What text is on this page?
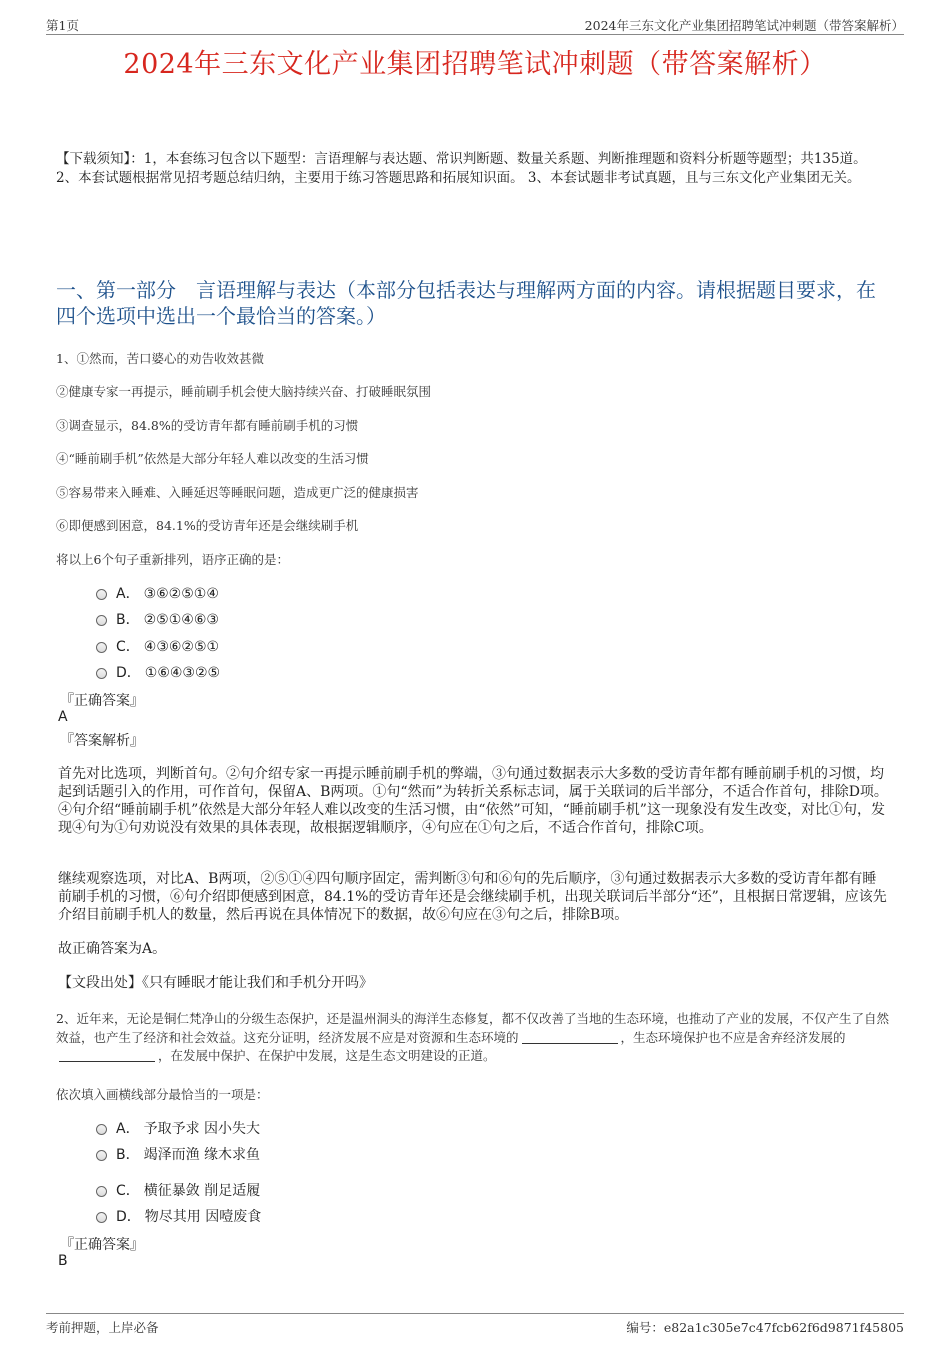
第1页	2024年三东文化产业集团招聘笔试冲刺题（带答案解析）
2024年三东文化产业集团招聘笔试冲刺题（带答案解析）
【下载须知】：1，本套练习包含以下题型：言语理解与表达题、常识判断题、数量关系题、判断推理题和资料分析题等题型；共135道。 2、本套试题根据常见招考题总结归纳，主要用于练习答题思路和拓展知识面。 3、本套试题非考试真题，且与三东文化产业集团无关。
一、第一部分　言语理解与表达（本部分包括表达与理解两方面的内容。请根据题目要求，在四个选项中选出一个最恰当的答案。）
1、①然而，苦口婆心的劝告收效甚微
②健康专家一再提示，睡前刷手机会使大脑持续兴奋、打破睡眠氛围
③调查显示，84.8%的受访青年都有睡前刷手机的习惯
④“睡前刷手机”依然是大部分年轻人难以改变的生活习惯
⑤容易带来入睡难、入睡延迟等睡眠问题，造成更广泛的健康损害
⑥即便感到困意，84.1%的受访青年还是会继续刷手机
将以上6个句子重新排列，语序正确的是：
A． ③⑥②⑤①④
B． ②⑤①④⑥③
C． ④③⑥②⑤①
D． ①⑥④③②⑤
『正确答案』
A
『答案解析』
首先对比选项，判断首句。②句介绍专家一再提示睡前刷手机的弊端，③句通过数据表示大多数的受访青年都有睡前刷手机的习惯，均起到话题引入的作用，可作首句，保留A、B两项。①句“然而”为转折关系标志词，属于关联词的后半部分，不适合作首句，排除D项。④句介绍“睡前刷手机”依然是大部分年轻人难以改变的生活习惯，由“依然”可知，“睡前刷手机”这一现象没有发生改变，对比①句，发现④句为①句劝说没有效果的具体表现，故根据逻辑顺序，④句应在①句之后，不适合作首句，排除C项。
继续观察选项，对比A、B两项，②⑤①④四句顺序固定，需判断③句和⑥句的先后顺序，③句通过数据表示大多数的受访青年都有睡前刷手机的习惯，⑥句介绍即便感到困意，84.1%的受访青年还是会继续刷手机，出现关联词后半部分“还”，且根据日常逻辑，应该先介绍目前刷手机人的数量，然后再说在具体情况下的数据，故⑥句应在③句之后，排除B项。
故正确答案为A。
【文段出处】《只有睡眠才能让我们和手机分开吗》
2、近年来，无论是铜仁梵净山的分级生态保护，还是温州洞头的海洋生态修复，都不仅改善了当地的生态环境，也推动了产业的发展，不仅产生了自然效益，也产生了经济和社会效益。这充分证明，经济发展不应是对资源和生态环境的	，生态环境保护也不应是舍弃经济发展的，在发展中保护、在保护中发展，这是生态文明建设的正道。
依次填入画横线部分最恰当的一项是：
A． 予取予求 因小失大
B． 竭泽而渔 缘木求鱼
C． 横征暴敛 削足适履
D． 物尽其用 因噎废食
『正确答案』
B
考前押题，上岸必备	编号：e82a1c305e7c47fcb62f6d9871f45805
